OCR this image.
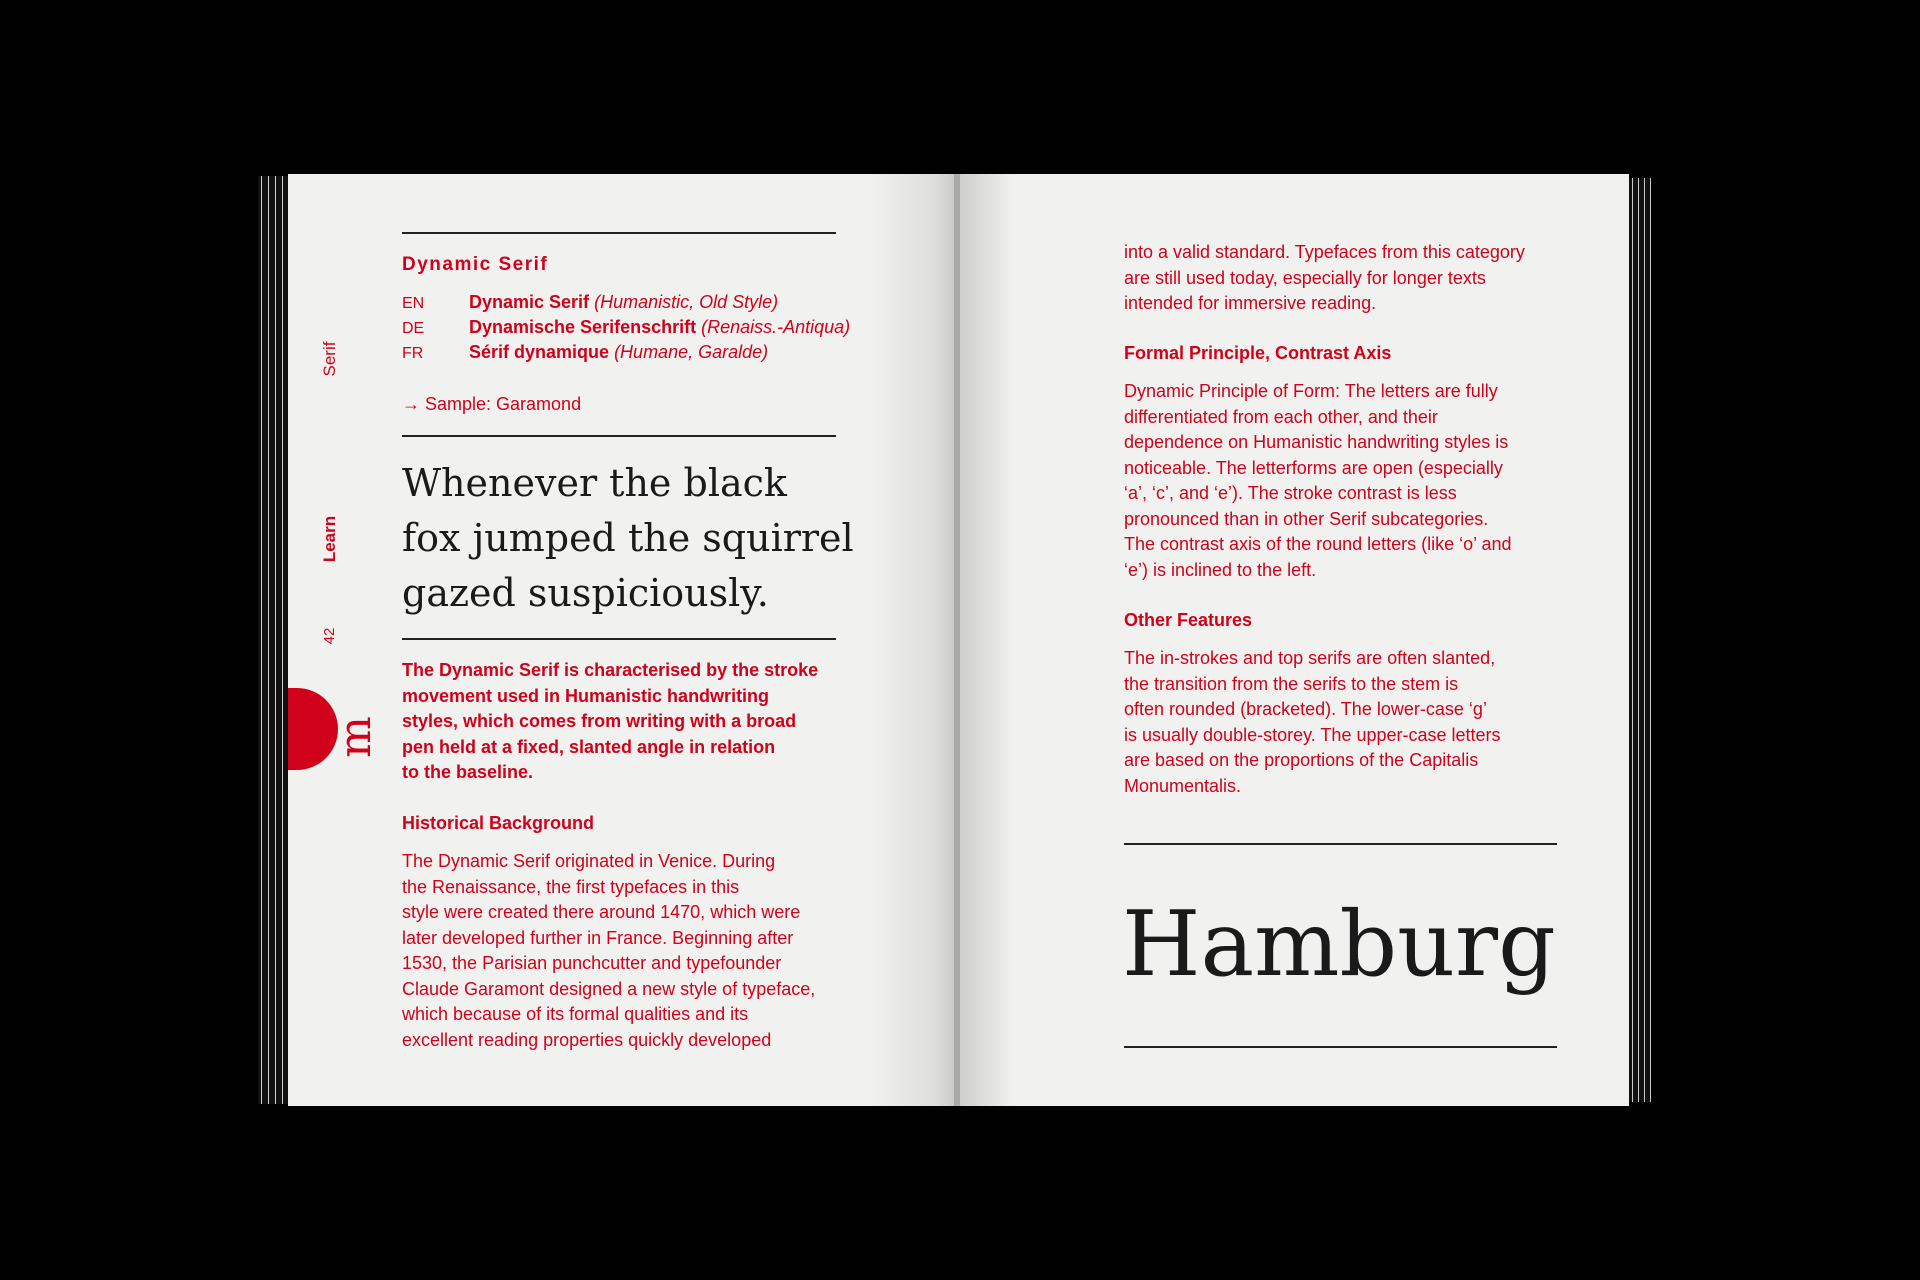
Dynamic Serif
EN Dynamic Serif (Humanistic, Old Style)
DE Dynamische Serifenschrift (Renaiss.-Antiqua)
FR	Sérif dynamique (Humane, Garalde)
→ Sample: Garamond
Whenever the black
fox jumped the squirrel
gazed suspiciously.
The Dynamic Serif is characterised by the stroke
movement used in Humanistic handwriting
styles, which comes from writing with a broad
pen held at a fixed, slanted angle in relation
to the baseline.
Historical Background
The Dynamic Serif originated in Venice. During
the Renaissance, the first typefaces in this
style were created there around 1470, which were
later developed further in France. Beginning after
1530, the Parisian punchcutter and typefounder
Claude Garamont designed a new style of typeface,
which because of its formal qualities and its
excellent reading properties quickly developed
Serif
Learn
42
m
into a valid standard. Typefaces from this category
are still used today, especially for longer texts
intended for immersive reading.
Formal Principle, Contrast Axis
Dynamic Principle of Form: The letters are fully
differentiated from each other, and their
dependence on Humanistic handwriting styles is
noticeable. The letterforms are open (especially
‘a’, ‘c’, and ‘e’). The stroke contrast is less
pronounced than in other Serif subcategories.
The contrast axis of the round letters (like ‘o’ and
‘e’) is inclined to the left.
Other Features
The in-strokes and top serifs are often slanted,
the transition from the serifs to the stem is
often rounded (bracketed). The lower-case ‘g’
is usually double-storey. The upper-case letters
are based on the proportions of the Capitalis
Monumentalis.
Hamburg
